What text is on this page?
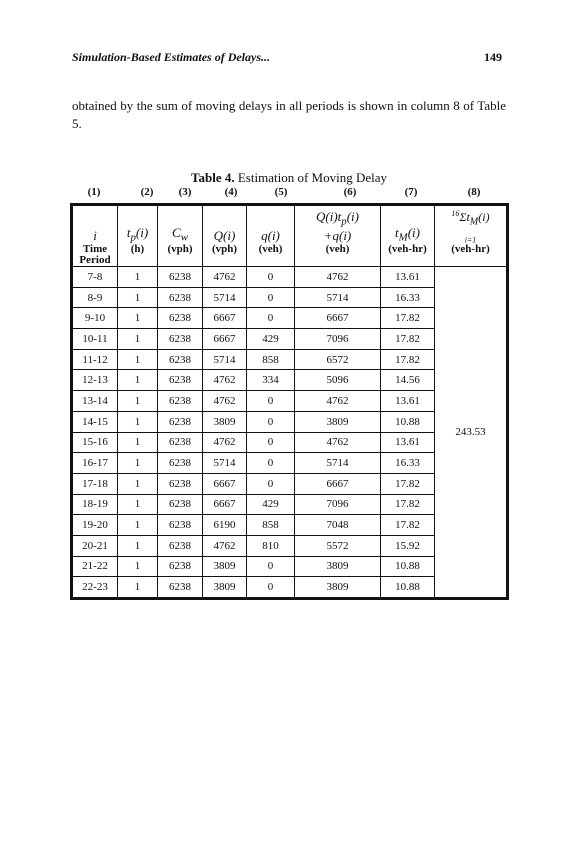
Simulation-Based Estimates of Delays...	149

obtained by the sum of moving delays in all periods is shown in column 8 of Table 5.

Table 4. Estimation of Moving Delay
(1)	(2) (3)	(4)	(5)	(6)	(7)	(8)
i	$t_p(i)$	$C_w$	Q(i)	q(i)	$Q(i)t_p(i)$
+q(i)	$t_M(i)$	$^{16}\Sigma t_M(i)$
$_{i=1}$
Time Period	(h)	(vph)	(vph)	(veh)	(veh)	(veh-hr)	(veh-hr)
7-8	1	6238	4762	0	4762	13.61	243.53
8-9	1	6238	5714	0	5714	16.33	
9-10	1	6238	6667	0	6667	17.82	
10-11	1	6238	6667	429	7096	17.82	
11-12	1	6238	5714	858	6572	17.82	
12-13	1	6238	4762	334	5096	14.56	
13-14	1	6238	4762	0	4762	13.61	
14-15	1	6238	3809	0	3809	10.88	
15-16	1	6238	4762	0	4762	13.61	
16-17	1	6238	5714	0	5714	16.33	
17-18	1	6238	6667	0	6667	17.82	
18-19	1	6238	6667	429	7096	17.82	
19-20	1	6238	6190	858	7048	17.82	
20-21	1	6238	4762	810	5572	15.92	
21-22	1	6238	3809	0	3809	10.88	
22-23	1	6238	3809	0	3809	10.88	
